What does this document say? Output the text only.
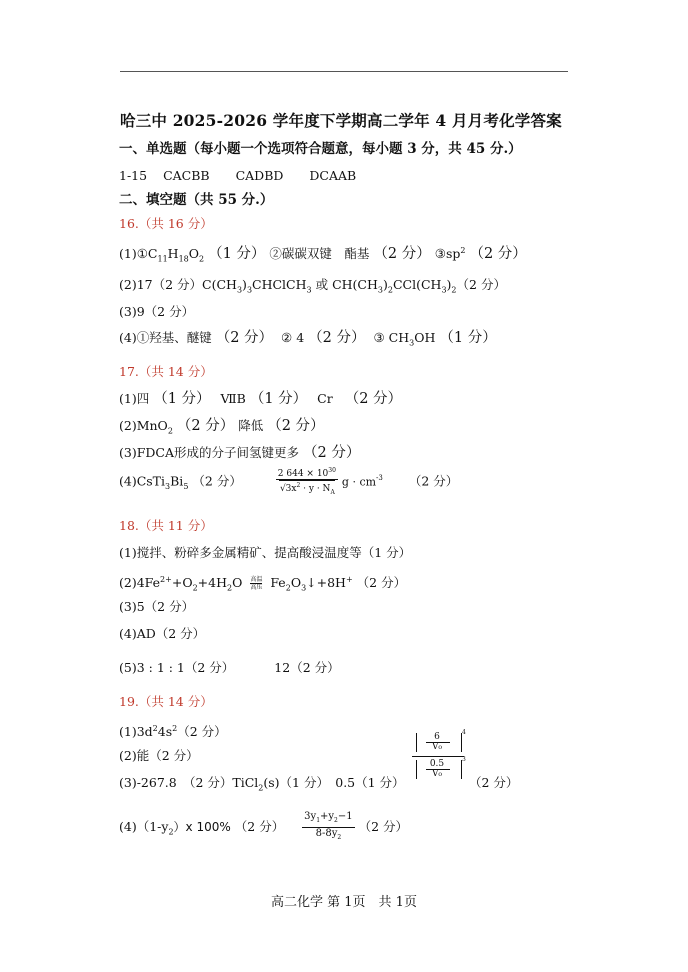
哈三中 2025-2026 学年度下学期高二学年 4 月月考化学答案
一、单选题（每小题一个选项符合题意，每小题 3 分，共 45 分.）
1-15 CACBB CADBD DCAAB
二、填空题（共 55 分.）
16.（共 16 分）
$(1)①C_{11}H_{18}O_2$ （1 分） ②碳碳双键　酯基 （2 分） $③sp^2$ （2 分）
(2)17（2 分）$C(CH_3)_3CHClCH_3$ 或 $CH(CH_3)_2CCl(CH_3)_2(2$ 分）
(3)9（2 分）
(4)①羟基、醚键 （2 分） ② 4 （2 分） ③ $CH_3OH$ （1 分）
17.（共 14 分）
(1)四 （1 分） ⅦB （1 分） Cr （2 分）
(2)MnO$_2$ （2 分） 降低 （2 分）
(3)FDCA形成的分子间氢键更多 （2 分）
$(4)CsTi_3Bi_5$ （2 分）	$\frac{2 644 \times 10^{30}}{√3x^2 \cdot y \cdot N_A}$ $g \cdot cm^{-3}$ （2 分）
18.（共 11 分）
(1)搅拌、粉碎多金属精矿、提高酸浸温度等（1 分）
$(2)4Fe^{2+}+O_2+4H_2O$ 高温
高压 $Fe_2O_3↓+8H^+$ （2 分）
(3)5（2 分）
(4)AD（2 分）
(5)3 : 1 : 1（2 分）	12（2 分）
19.（共 14 分）
$(1)3d^24s^2(2$ 分）
(2)能（2 分）
(3)-267.8　（2 分）TiCl$_2$(s)（1 分）　0.5（1 分）	（2 分）
6
V₀
4
0.5
V₀
3
$(4)(1-y_2)x$ 100% （2 分） $\frac{3y_1+y_2-1}{8-8y_2} (2$ 分）
高二化学 第 1页　共 1页
